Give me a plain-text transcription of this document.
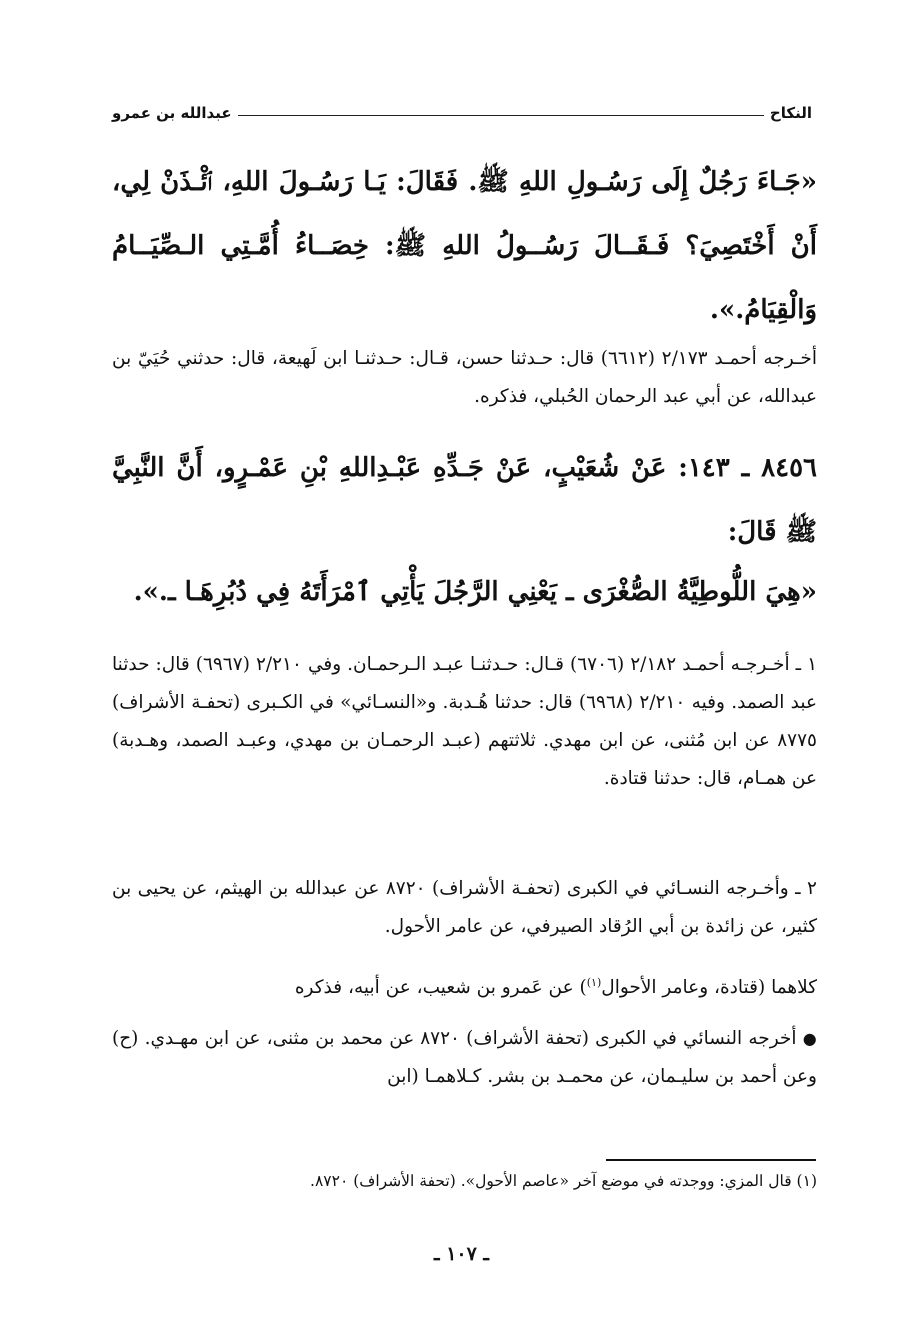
النكاح
عبدالله بن عمرو

«جَـاءَ رَجُلٌ إِلَى رَسُـولِ اللهِ ﷺ. فَقَالَ: يَـا رَسُـولَ اللهِ، ٱئْـذَنْ لِي، أَنْ أَخْتَصِيَ؟ فَـقَــالَ رَسُــولُ اللهِ ﷺ: خِصَــاءُ أُمَّـتِي الـصِّيَــامُ وَالْقِيَامُ.».

أخـرجه أحمـد ٢/١٧٣ (٦٦١٢) قال: حـدثنا حسن، قـال: حـدثنـا ابن لَهيعة، قال: حدثني حُيَيّ بن عبدالله، عن أبي عبد الرحمان الحُبلي، فذكره.

٨٤٥٦ ـ ١٤٣: عَنْ شُعَيْبٍ، عَنْ جَـدِّهِ عَبْـدِاللهِ بْنِ عَمْـرٍو، أَنَّ النَّبِيَّ ﷺ قَالَ:

«هِيَ اللُّوطِيَّةُ الصُّغْرَى ـ يَعْنِي الرَّجُلَ يَأْتِي ٱمْرَأَتَهُ فِي دُبُرِهَـا ـ.».

١ ـ أخـرجـه أحمـد ٢/١٨٢ (٦٧٠٦) قـال: حـدثنـا عبـد الـرحمـان. وفي ٢/٢١٠ (٦٩٦٧) قال: حدثنا عبد الصمد. وفيه ٢/٢١٠ (٦٩٦٨) قال: حدثنا هُـدبة. و«النسـائي» في الكـبرى (تحفـة الأشراف) ٨٧٧٥ عن ابن مُثنى، عن ابن مهدي. ثلاثتهم (عبـد الرحمـان بن مهدي، وعبـد الصمد، وهـدبة) عن همـام، قال: حدثنا قتادة.

٢ ـ وأخـرجه النسـائي في الكبرى (تحفـة الأشراف) ٨٧٢٠ عن عبدالله بن الهيثم، عن يحيى بن كثير، عن زائدة بن أبي الرُقاد الصيرفي، عن عامر الأحول.

كلاهما (قتادة، وعامر الأحوال$^{(١)}$) عن عَمرو بن شعيب، عن أبيه، فذكره

● أخرجه النسائي في الكبرى (تحفة الأشراف) ٨٧٢٠ عن محمد بن مثنى، عن ابن مهـدي. (ح) وعن أحمد بن سليـمان، عن محمـد بن بشر. كـلاهمـا (ابن

(١) قال المزي: ووجدته في موضع آخر «عاصم الأحول». (تحفة الأشراف) ٨٧٢٠.
ـ ١٠٧ ـ
